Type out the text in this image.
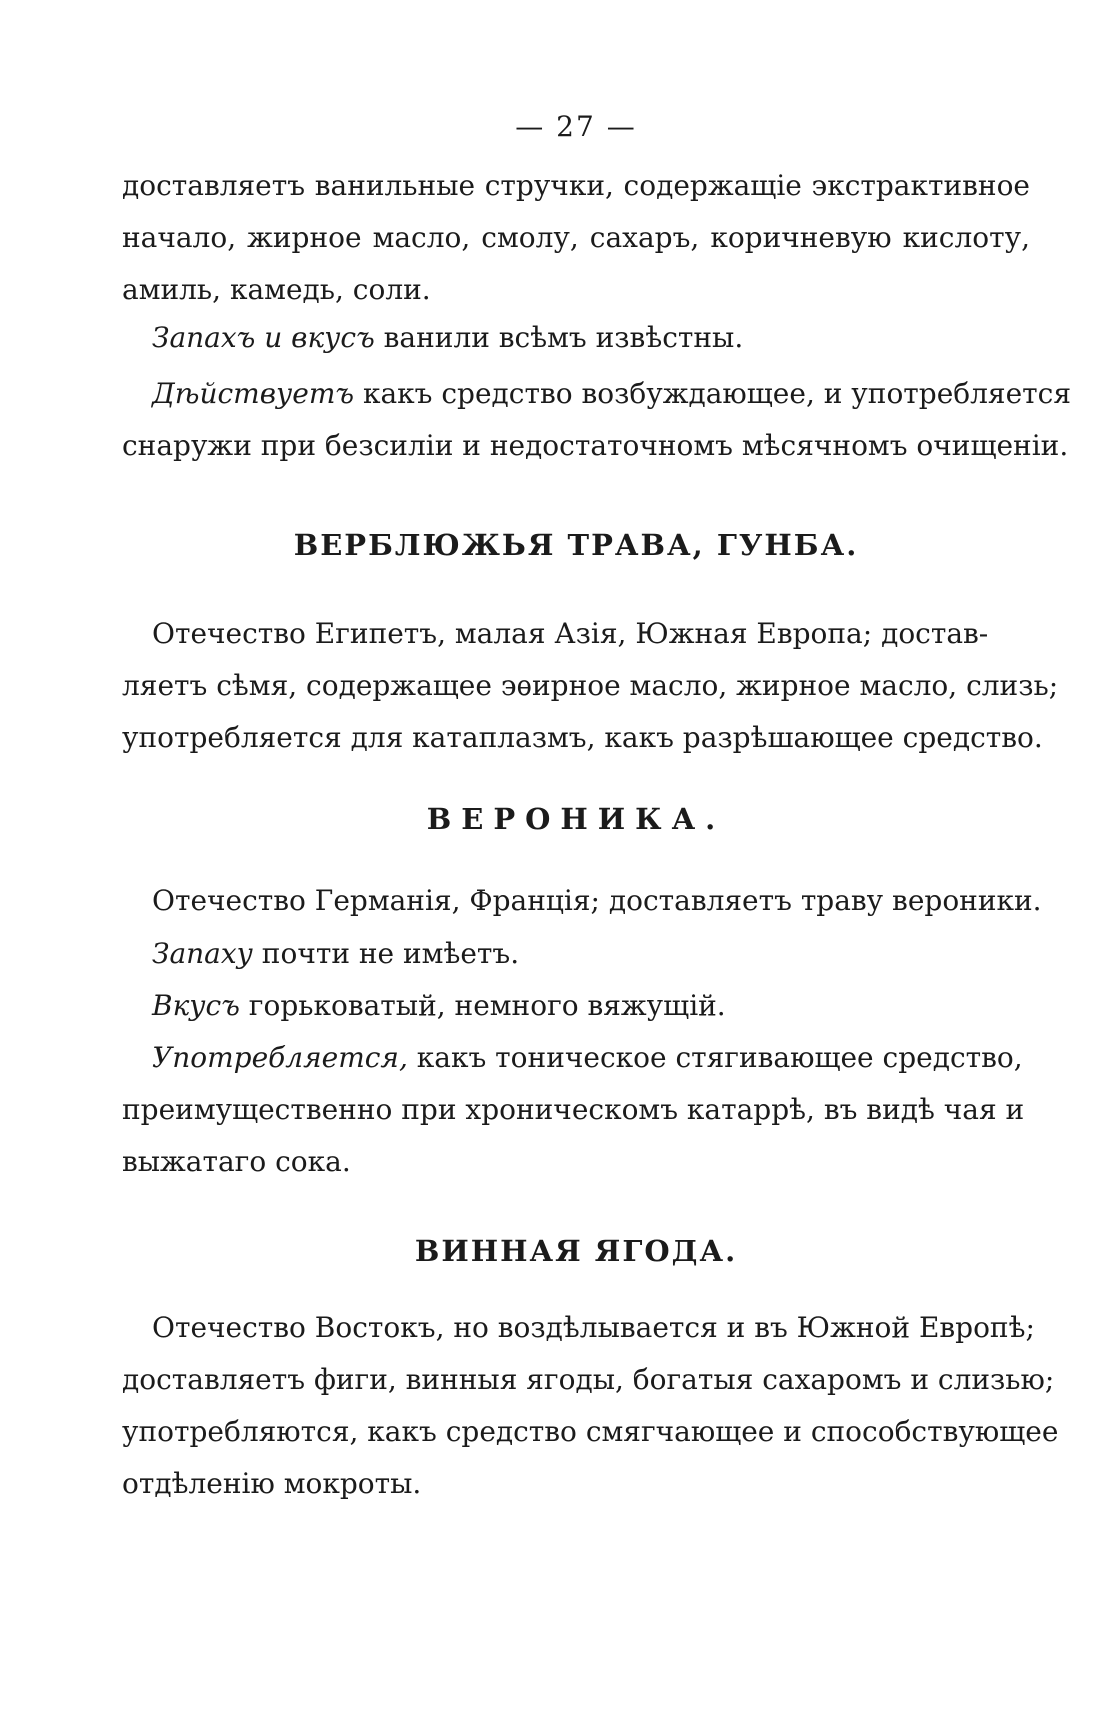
— 27 —
доставляетъ ванильные стручки, содержащіе экстрактивное
начало, жирное масло, смолу, сахаръ, коричневую кислоту,
амиль, камедь, соли.
Запахъ и вкусъ ванили всѣмъ извѣстны.
Дѣйствуетъ какъ средство возбуждающее, и употребляется
снаружи при безсиліи и недостаточномъ мѣсячномъ очищеніи.
ВЕРБЛЮЖЬЯ ТРАВА, ГУНБА.
Отечество Египетъ, малая Азія, Южная Европа; достав-
ляетъ сѣмя, содержащее эѳирное масло, жирное масло, слизь;
употребляется для катаплазмъ, какъ разрѣшающее средство.
ВЕРОНИКА.
Отечество Германія, Франція; доставляетъ траву вероники.
Запаху почти не имѣетъ.
Вкусъ горьковатый, немного вяжущій.
Употребляется, какъ тоническое стягивающее средство,
преимущественно при хроническомъ катаррѣ, въ видѣ чая и
выжатаго сока.
ВИННАЯ ЯГОДА.
Отечество Востокъ, но воздѣлывается и въ Южной Европѣ;
доставляетъ фиги, винныя ягоды, богатыя сахаромъ и слизью;
употребляются, какъ средство смягчающее и способствующее
отдѣленію мокроты.
